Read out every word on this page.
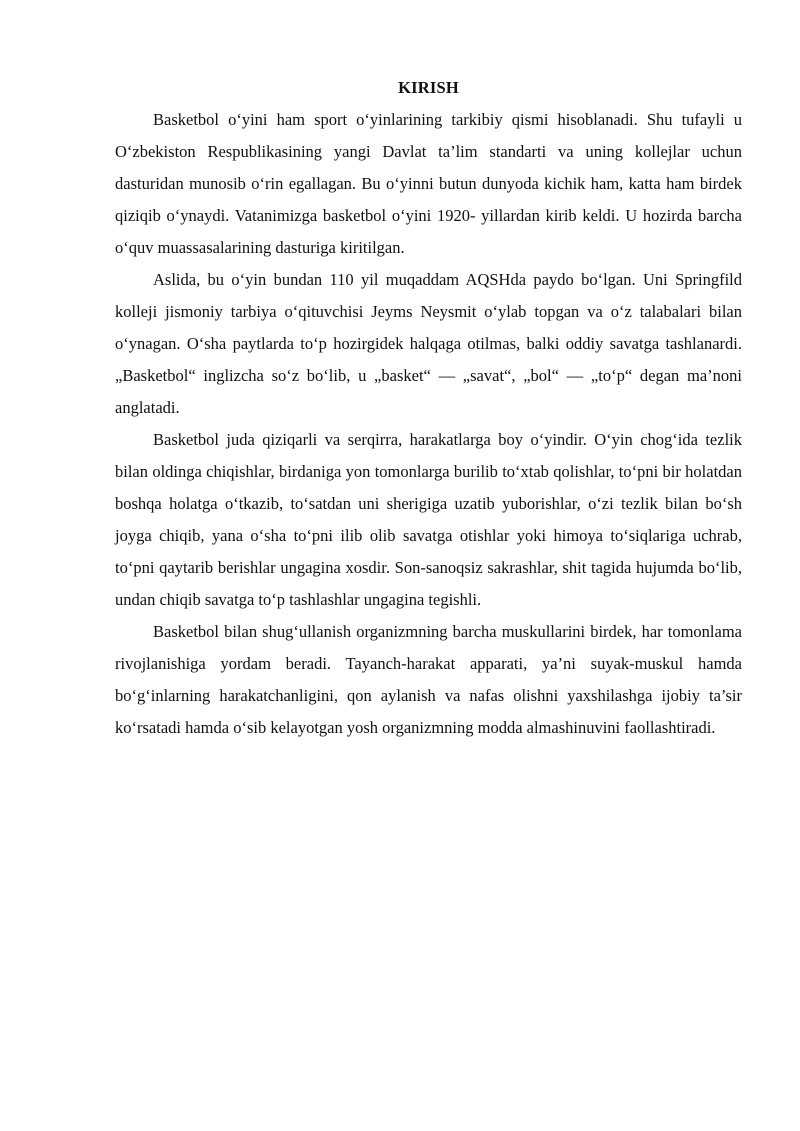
KIRISH

Basketbol o‘yini ham sport o‘yinlarining tarkibiy qismi hisoblanadi. Shu tufayli u O‘zbekiston Respublikasining yangi Davlat ta’lim standarti va uning kollejlar uchun dasturidan munosib o‘rin egallagan. Bu o‘yinni butun dunyoda kichik ham, katta ham birdek qiziqib o‘ynaydi. Vatanimizga basketbol o‘yini 1920- yillardan kirib keldi. U hozirda barcha o‘quv muassasalarining dasturiga kiritilgan.

Aslida, bu o‘yin bundan 110 yil muqaddam AQSHda paydo bo‘lgan. Uni Springfild kolleji jismoniy tarbiya o‘qituvchisi Jeyms Neysmit o‘ylab topgan va o‘z talabalari bilan o‘ynagan. O‘sha paytlarda to‘p hozirgidek halqaga otilmas, balki oddiy savatga tashlanardi. „Basketbol“ inglizcha so‘z bo‘lib, u „basket“ — „savat“, „bol“ — „to‘p“ degan ma’noni anglatadi.

Basketbol juda qiziqarli va serqirra, harakatlarga boy o‘yindir. O‘yin chog‘ida tezlik bilan oldinga chiqishlar, birdaniga yon tomonlarga burilib to‘xtab qolishlar, to‘pni bir holatdan boshqa holatga o‘tkazib, to‘satdan uni sherigiga uzatib yuborishlar, o‘zi tezlik bilan bo‘sh joyga chiqib, yana o‘sha to‘pni ilib olib savatga otishlar yoki himoya to‘siqlariga uchrab, to‘pni qaytarib berishlar ungagina xosdir. Son-sanoqsiz sakrashlar, shit tagida hujumda bo‘lib, undan chiqib savatga to‘p tashlashlar ungagina tegishli.

Basketbol bilan shug‘ullanish organizmning barcha muskullarini birdek, har tomonlama rivojlanishiga yordam beradi. Tayanch-harakat apparati, ya’ni suyak-muskul hamda bo‘g‘inlarning harakatchanligini, qon aylanish va nafas olishni yaxshilashga ijobiy ta’sir ko‘rsatadi hamda o‘sib kelayotgan yosh organizmning modda almashinuvini faollashtiradi.
